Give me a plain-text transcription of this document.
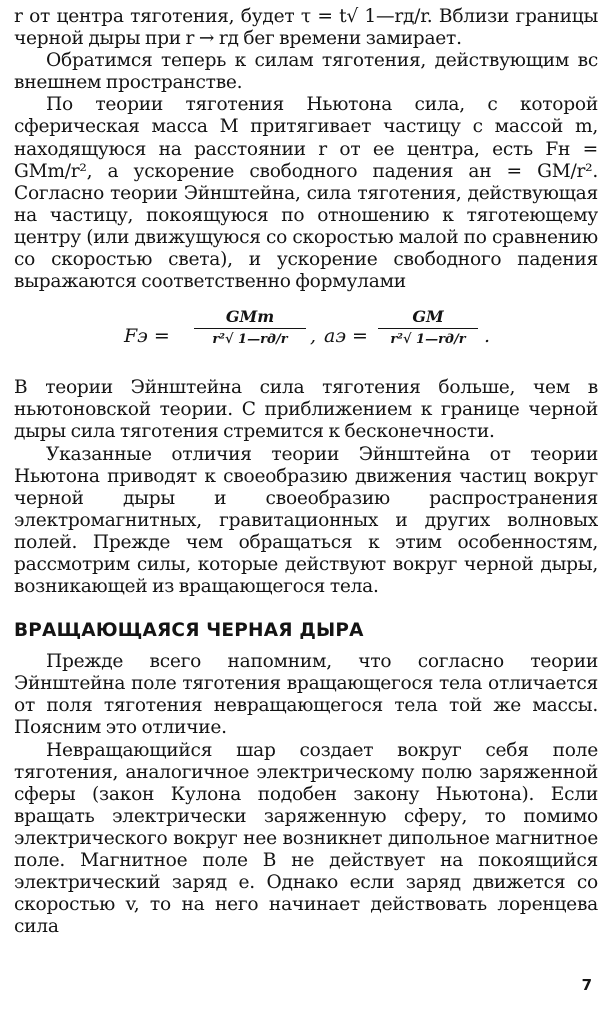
r от центра тяготения, будет τ = t√ 1—rд/r. Вблизи границы черной дыры при r → rд бег времени замирает.

Обратимся теперь к силам тяготения, действующим вс внешнем пространстве.

По теории тяготения Ньютона сила, с которой сферическая масса M притягивает частицу с массой m, находящуюся на расстоянии r от ее центра, есть Fн = GMm/r², а ускорение свободного падения aн = GM/r². Согласно теории Эйнштейна, сила тяготения, действующая на частицу, покоящуюся по отношению к тяготеющему центру (или движущуюся со скоростью малой по сравнению со скоростью света), и ускорение свободного падения выражаются соответственно формулами

Fэ =
GMm
r²√ 1—rд/r	, aэ =
GM
r²√ 1—rд/r .

В теории Эйнштейна сила тяготения больше, чем в ньютоновской теории. С приближением к границе черной дыры сила тяготения стремится к бесконечности.

Указанные отличия теории Эйнштейна от теории Ньютона приводят к своеобразию движения частиц вокруг черной дыры и своеобразию распространения электромагнитных, гравитационных и других волновых полей. Прежде чем обращаться к этим особенностям, рассмотрим силы, которые действуют вокруг черной дыры, возникающей из вращающегося тела.

ВРАЩАЮЩАЯСЯ ЧЕРНАЯ ДЫРА

Прежде всего напомним, что согласно теории Эйнштейна поле тяготения вращающегося тела отличается от поля тяготения невращающегося тела той же массы. Поясним это отличие.

Невращающийся шар создает вокруг себя поле тяготения, аналогичное электрическому полю заряженной сферы (закон Кулона подобен закону Ньютона). Если вращать электрически заряженную сферу, то помимо электрического вокруг нее возникнет дипольное магнитное поле. Магнитное поле B не действует на покоящийся электрический заряд e. Однако если заряд движется со скоростью v, то на него начинает действовать лоренцева сила

7
